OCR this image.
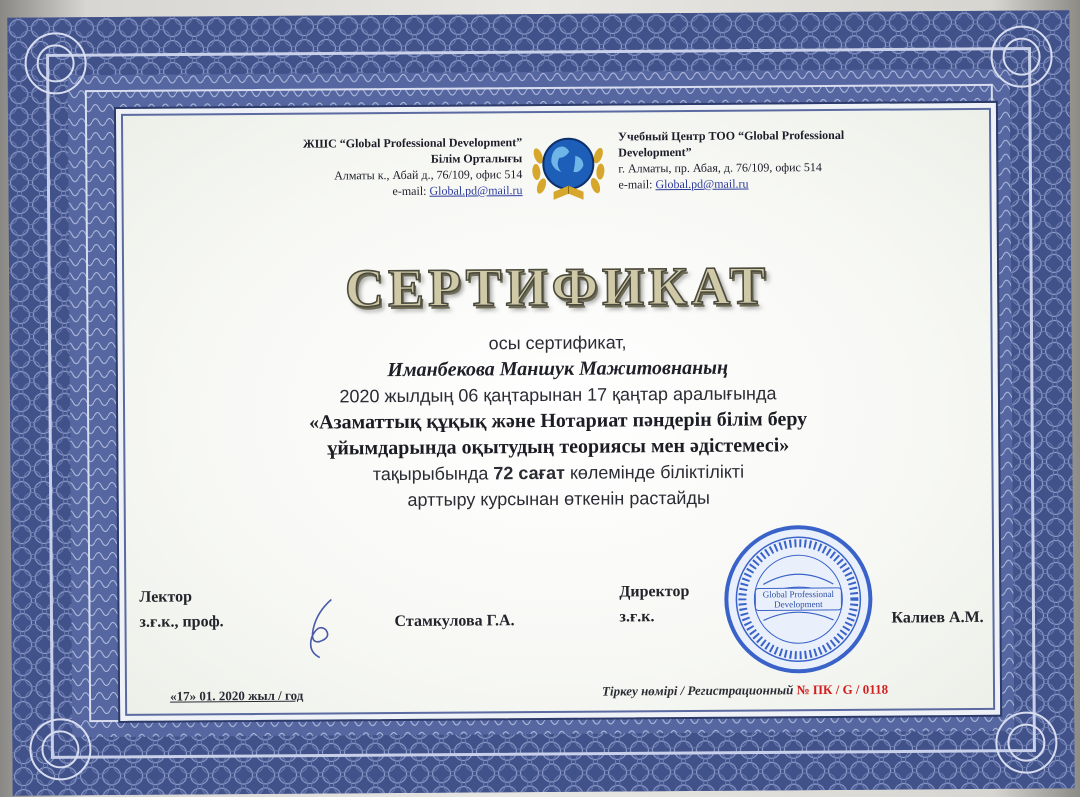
ЖШС “Global Professional Development”
Білім Орталығы
Алматы к., Абай д., 76/109, офис 514
e-mail: Global.pd@mail.ru
Учебный Центр ТОО “Global Professional
Development”
г. Алматы, пр. Абая, д. 76/109, офис 514
e-mail: Global.pd@mail.ru
СЕРТИФИКАТ
осы сертификат,
Иманбекова Маншук Мажитовнаның
2020 жылдың 06 қаңтарынан 17 қаңтар аралығында
«Азаматтық құқық және Нотариат пәндерін білім беру
ұйымдарында оқытудың теориясы мен әдістемесі»
тақырыбында 72 сағат көлемінде біліктілікті
арттыру курсынан өткенін растайды
Лектор
з.ғ.к., проф.	Стамкулова Г.А.
Директор
з.ғ.к.
Global Professional
Development
Калиев А.М.
«17» 01. 2020 жыл / год	Тіркеу нөмірі / Регистрационный № ПК / G / 0118
